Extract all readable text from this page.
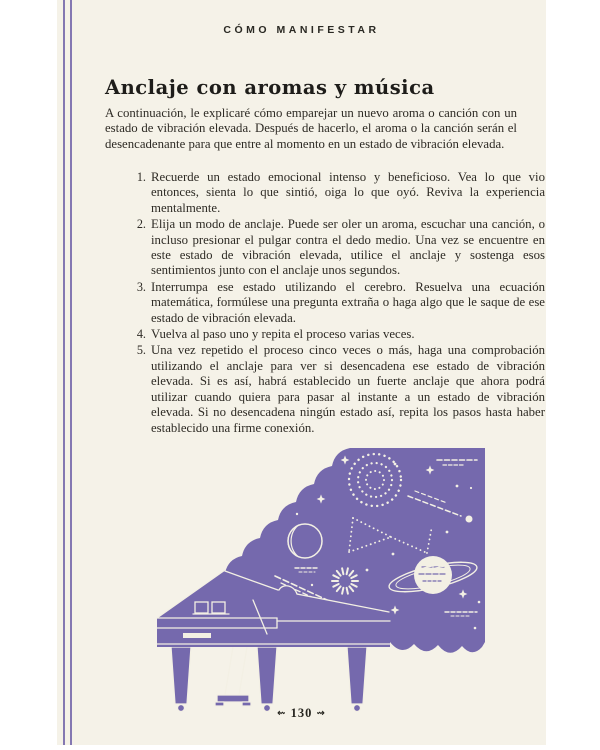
CÓMO MANIFESTAR
Anclaje con aromas y música

A continuación, le explicaré cómo emparejar un nuevo aroma o canción con un estado de vibración elevada. Después de hacerlo, el aroma o la canción serán el desencadenante para que entre al momento en un estado de vibración elevada.

1. Recuerde un estado emocional intenso y beneficioso. Vea lo que vio entonces, sienta lo que sintió, oiga lo que oyó. Reviva la experiencia mentalmente.
2. Elija un modo de anclaje. Puede ser oler un aroma, escuchar una canción, o incluso presionar el pulgar contra el dedo medio. Una vez se encuentre en este estado de vibración elevada, utilice el anclaje y sostenga esos sentimientos junto con el anclaje unos segundos.
3. Interrumpa ese estado utilizando el cerebro. Resuelva una ecuación matemática, formúlese una pregunta extraña o haga algo que le saque de ese estado de vibración elevada.
4. Vuelva al paso uno y repita el proceso varias veces.
5. Una vez repetido el proceso cinco veces o más, haga una comprobación utilizando el anclaje para ver si desencadena ese estado de vibración elevada. Si es así, habrá establecido un fuerte anclaje que ahora podrá utilizar cuando quiera para pasar al instante a un estado de vibración elevada. Si no desencadena ningún estado así, repita los pasos hasta haber establecido una firme conexión.
⇜ 130 ⇝
